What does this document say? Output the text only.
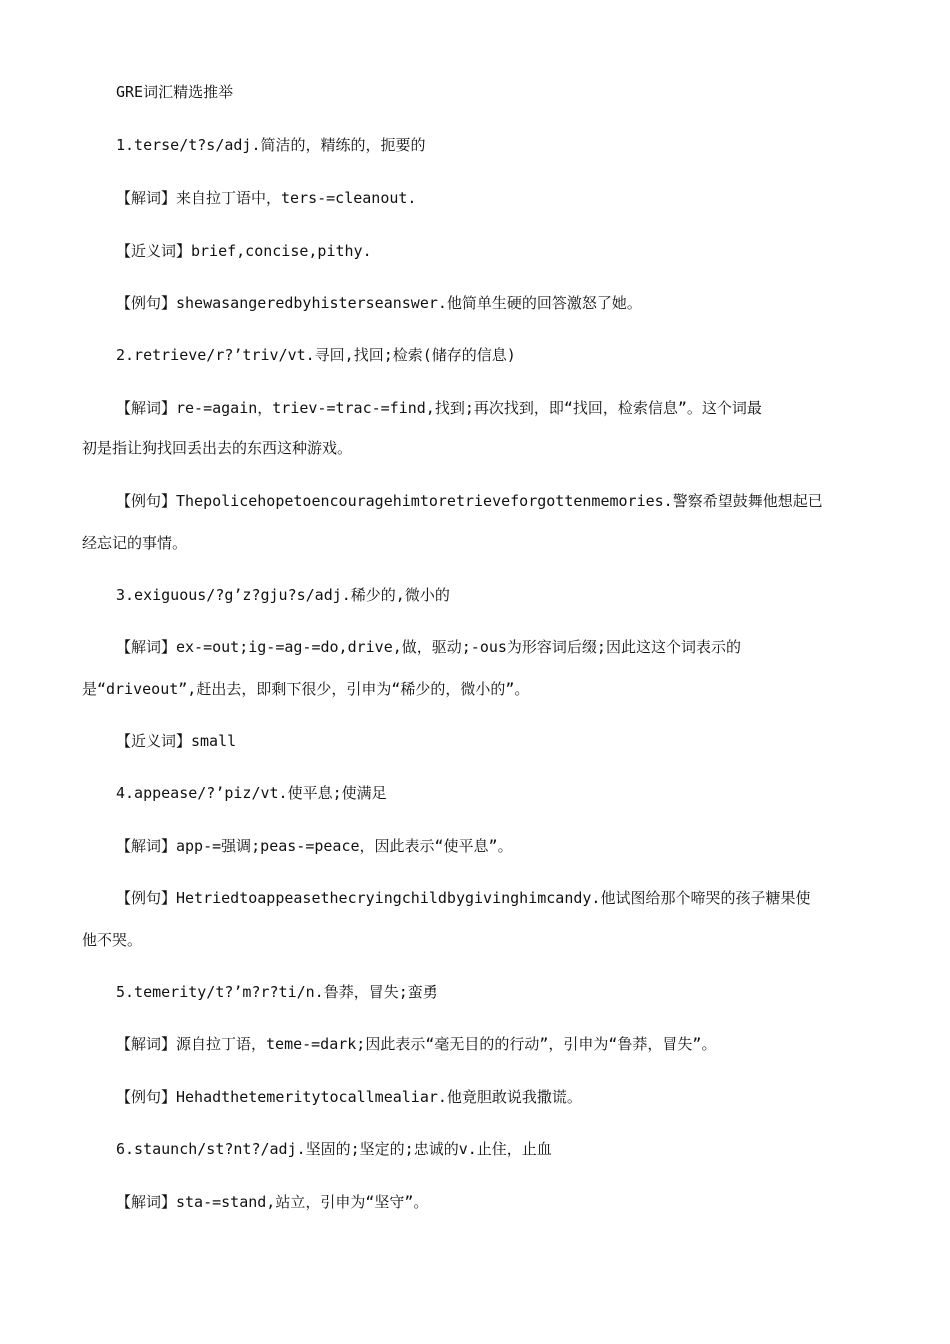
GRE词汇精选推举
1.terse/t?s/adj.简洁的，精练的，扼要的
【解词】来自拉丁语中，ters-=cleanout.
【近义词】brief,concise,pithy.
【例句】shewasangeredbyhisterseanswer.他简单生硬的回答激怒了她。
2.retrieve/r?’triv/vt.寻回,找回;检索(储存的信息)
【解词】re-=again，triev-=trac-=find,找到;再次找到，即“找回，检索信息”。这个词最
初是指让狗找回丢出去的东西这种游戏。
【例句】Thepolicehopetoencouragehimtoretrieveforgottenmemories.警察希望鼓舞他想起已
经忘记的事情。
3.exiguous/?g’z?gju?s/adj.稀少的,微小的
【解词】ex-=out;ig-=ag-=do,drive,做，驱动;-ous为形容词后缀;因此这这个词表示的
是“driveout”,赶出去，即剩下很少，引申为“稀少的，微小的”。
【近义词】small
4.appease/?’piz/vt.使平息;使满足
【解词】app-=强调;peas-=peace，因此表示“使平息”。
【例句】Hetriedtoappeasethecryingchildbygivinghimcandy.他试图给那个啼哭的孩子糖果使
他不哭。
5.temerity/t?’m?r?ti/n.鲁莽，冒失;蛮勇
【解词】源自拉丁语，teme-=dark;因此表示“毫无目的的行动”，引申为“鲁莽，冒失”。
【例句】Hehadthetemeritytocallmealiar.他竟胆敢说我撒谎。
6.staunch/st?nt?/adj.坚固的;坚定的;忠诚的v.止住，止血
【解词】sta-=stand,站立，引申为“坚守”。
